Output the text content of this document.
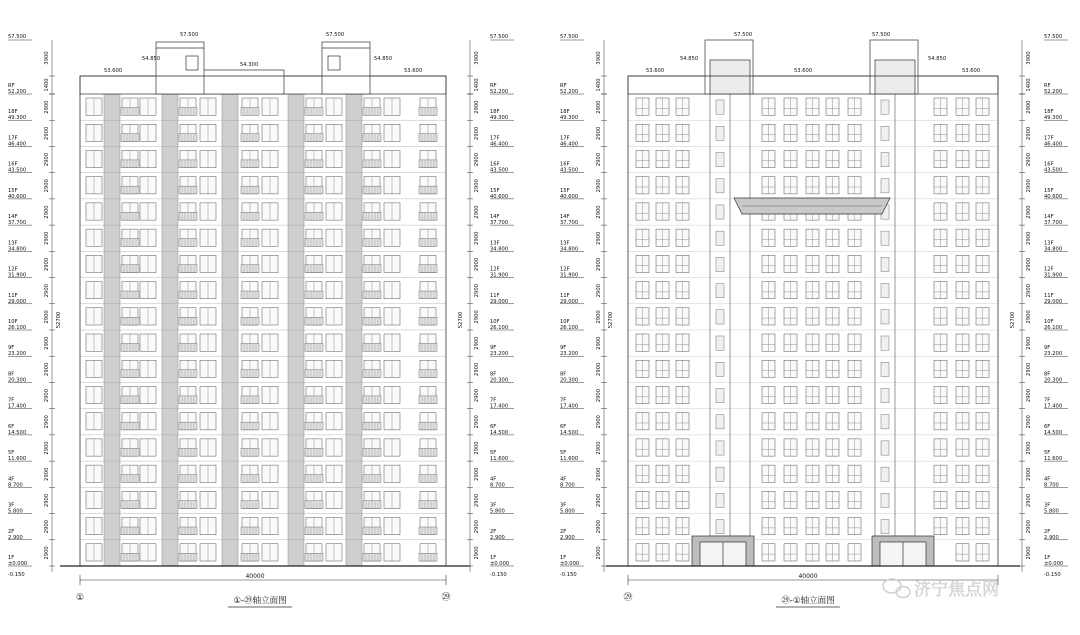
53.600
54.850
57.500
54.300
57.500
54.850
53.600
40000
①	㉙
①-㉙轴立面图
57.500
3900
1400
RF
52.200
2900
18F
49.300
2900
17F
46.400
2900
16F
43.500
2900
15F
40.600
2900
14F
37.700
2900
13F
34.800
2900
12F
31.900
2900
11F
29.000
2900
10F
26.100
2900
9F
23.200
2900
8F
20.300
2900
7F
17.400
2900
6F
14.500
2900
5F
11.600
2900
4F
8.700
2900
3F
5.800
2900
2F
2.900
2900
1F
±0.000
52700
-0.150
57.500
3900
1400 RF
52.200
2900 18F
49.300
2900 17F
46.400
2900 16F
43.500
2900 15F
40.600
2900 14F
37.700
2900 13F
34.800
2900 12F
31.900
2900 11F
29.000
2900 10F
26.100
2900 9F
23.200
2900 8F
20.300
2900 7F
17.400
2900 6F
14.500
2900 5F
11.600
2900 4F
8.700
2900 3F
5.800
2900 2F
2.900
2900 1F
±0.000
52700
-0.150
53.600
54.850
57.500
53.600
57.500
54.850
53.600
40000
㉙	㉙-①轴立面图
57.500
3900
1400
RF
52.200
2900
18F
49.300
2900
17F
46.400
2900
16F
43.500
2900
15F
40.600
2900
14F
37.700
2900
13F
34.800
2900
12F
31.900
2900
11F
29.000
2900
10F
26.100
2900
9F
23.200
2900
8F
20.300
2900
7F
17.400
2900
6F
14.500
2900
5F
11.600
2900
4F
8.700
2900
3F
5.800
2900
2F
2.900
2900
1F
±0.000
52700
-0.150
57.500
3900
1400 RF
52.200
2900 18F
49.300
2900 17F
46.400
2900 16F
43.500
2900 15F
40.600
2900 14F
37.700
2900 13F
34.800
2900 12F
31.900
2900 11F
29.000
2900 10F
26.100
2900 9F
23.200
2900 8F
20.300
2900 7F
17.400
2900 6F
14.500
2900 5F
11.600
2900 4F
8.700
2900 3F
5.800
2900 2F
2.900
2900 1F
±0.000
52700
-0.150
济宁焦点网
